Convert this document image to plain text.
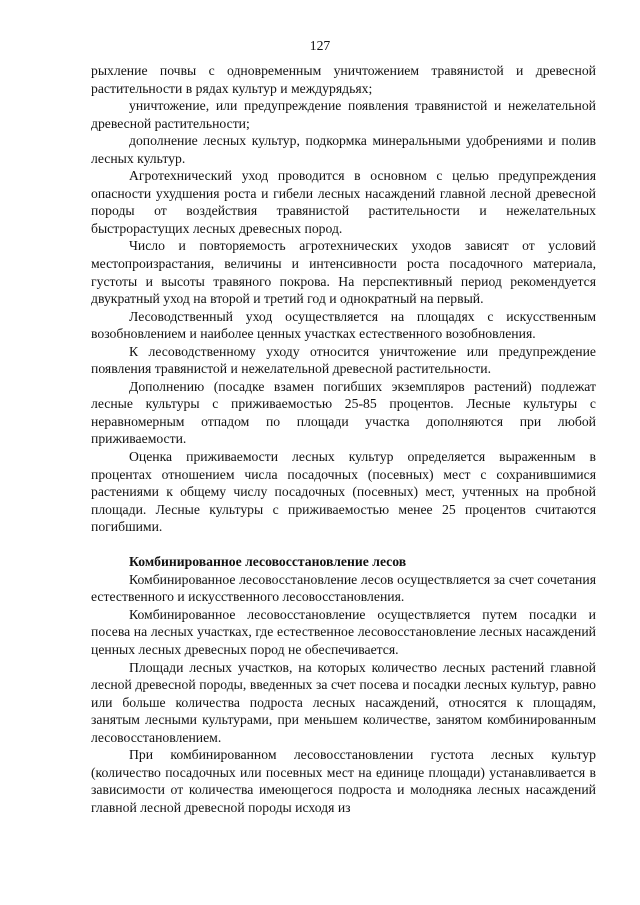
127

рыхление почвы с одновременным уничтожением травянистой и древесной растительности в рядах культур и междурядьях;

уничтожение, или предупреждение появления травянистой и нежелательной древесной растительности;

дополнение лесных культур, подкормка минеральными удобрениями и полив лесных культур.

Агротехнический уход проводится в основном с целью предупреждения опасности ухудшения роста и гибели лесных насаждений главной лесной древесной породы от воздействия травянистой растительности и нежелательных быстрорастущих лесных древесных пород.

Число и повторяемость агротехнических уходов зависят от условий местопроизрастания, величины и интенсивности роста посадочного материала, густоты и высоты травяного покрова. На перспективный период рекомендуется двукратный уход на второй и третий год и однократный на первый.

Лесоводственный уход осуществляется на площадях с искусственным возобновлением и наиболее ценных участках естественного возобновления.

К лесоводственному уходу относится уничтожение или предупреждение появления травянистой и нежелательной древесной растительности.

Дополнению (посадке взамен погибших экземпляров растений) подлежат лесные культуры с приживаемостью 25-85 процентов. Лесные культуры с неравномерным отпадом по площади участка дополняются при любой приживаемости.

Оценка приживаемости лесных культур определяется выраженным в процентах отношением числа посадочных (посевных) мест с сохранившимися растениями к общему числу посадочных (посевных) мест, учтенных на пробной площади. Лесные культуры с приживаемостью менее 25 процентов считаются погибшими.

Комбинированное лесовосстановление лесов

Комбинированное лесовосстановление лесов осуществляется за счет сочетания естественного и искусственного лесовосстановления.

Комбинированное лесовосстановление осуществляется путем посадки и посева на лесных участках, где естественное лесовосстановление лесных насаждений ценных лесных древесных пород не обеспечивается.

Площади лесных участков, на которых количество лесных растений главной лесной древесной породы, введенных за счет посева и посадки лесных культур, равно или больше количества подроста лесных насаждений, относятся к площадям, занятым лесными культурами, при меньшем количестве, занятом комбинированным лесовосстановлением.

При комбинированном лесовосстановлении густота лесных культур (количество посадочных или посевных мест на единице площади) устанавливается в зависимости от количества имеющегося подроста и молодняка лесных насаждений главной лесной древесной породы исходя из
